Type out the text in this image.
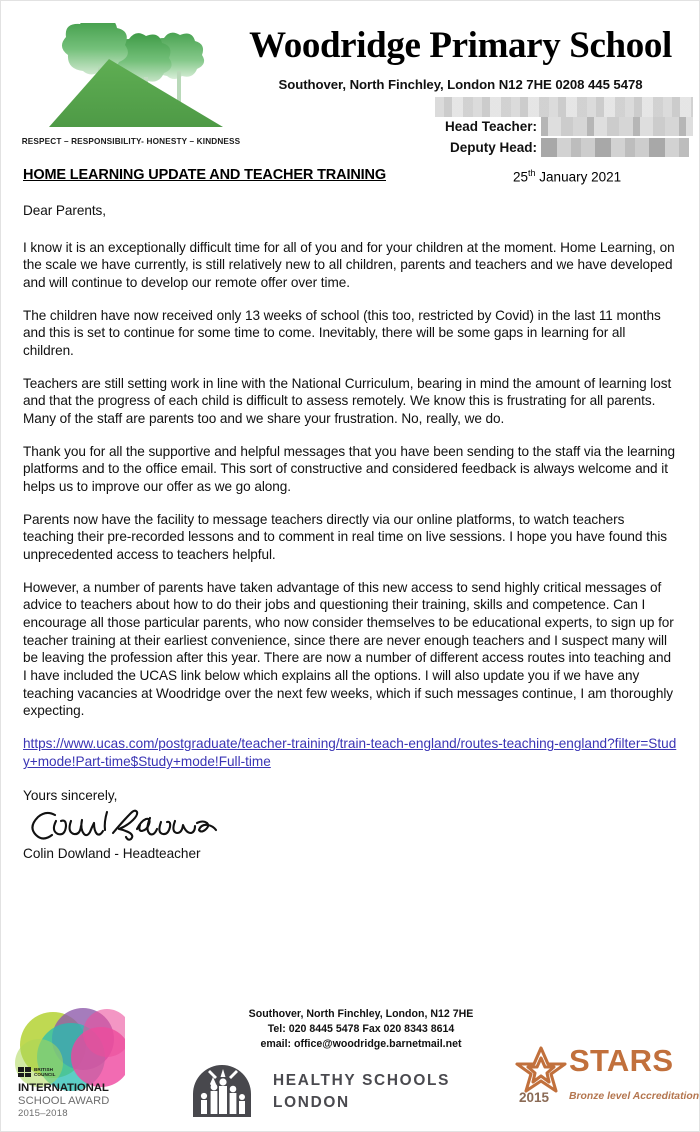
RESPECT – RESPONSIBILITY- HONESTY – KINDNESS
Woodridge Primary School
Southover, North Finchley, London N12 7HE 0208 445 5478
Head Teacher:
Deputy Head:
HOME LEARNING UPDATE AND TEACHER TRAINING	25th January 2021

Dear Parents,

I know it is an exceptionally difficult time for all of you and for your children at the moment. Home Learning, on the scale we have currently, is still relatively new to all children, parents and teachers and we have developed and will continue to develop our remote offer over time.

The children have now received only 13 weeks of school (this too, restricted by Covid) in the last 11 months and this is set to continue for some time to come. Inevitably, there will be some gaps in learning for all children.

Teachers are still setting work in line with the National Curriculum, bearing in mind the amount of learning lost and that the progress of each child is difficult to assess remotely. We know this is frustrating for all parents. Many of the staff are parents too and we share your frustration. No, really, we do.

Thank you for all the supportive and helpful messages that you have been sending to the staff via the learning platforms and to the office email. This sort of constructive and considered feedback is always welcome and it helps us to improve our offer as we go along.

Parents now have the facility to message teachers directly via our online platforms, to watch teachers teaching their pre-recorded lessons and to comment in real time on live sessions. I hope you have found this unprecedented access to teachers helpful.

However, a number of parents have taken advantage of this new access to send highly critical messages of advice to teachers about how to do their jobs and questioning their training, skills and competence. Can I encourage all those particular parents, who now consider themselves to be educational experts, to sign up for teacher training at their earliest convenience, since there are never enough teachers and I suspect many will be leaving the profession after this year. There are now a number of different access routes into teaching and I have included the UCAS link below which explains all the options. I will also update you if we have any teaching vacancies at Woodridge over the next few weeks, which if such messages continue, I am thoroughly expecting.

https://www.ucas.com/postgraduate/teacher-training/train-teach-england/routes-teaching-england?filter=Study+mode!Part-time$Study+mode!Full-time

Yours sincerely,

Colin Dowland - Headteacher

BRITISH
COUNCIL
INTERNATIONAL
SCHOOL AWARD
2015–2018
Southover, North Finchley, London, N12 7HE
Tel: 020 8445 5478 Fax 020 8343 8614
email: office@woodridge.barnetmail.net
HEALTHY SCHOOLS
LONDON
STARS
2015 Bronze level Accreditation
